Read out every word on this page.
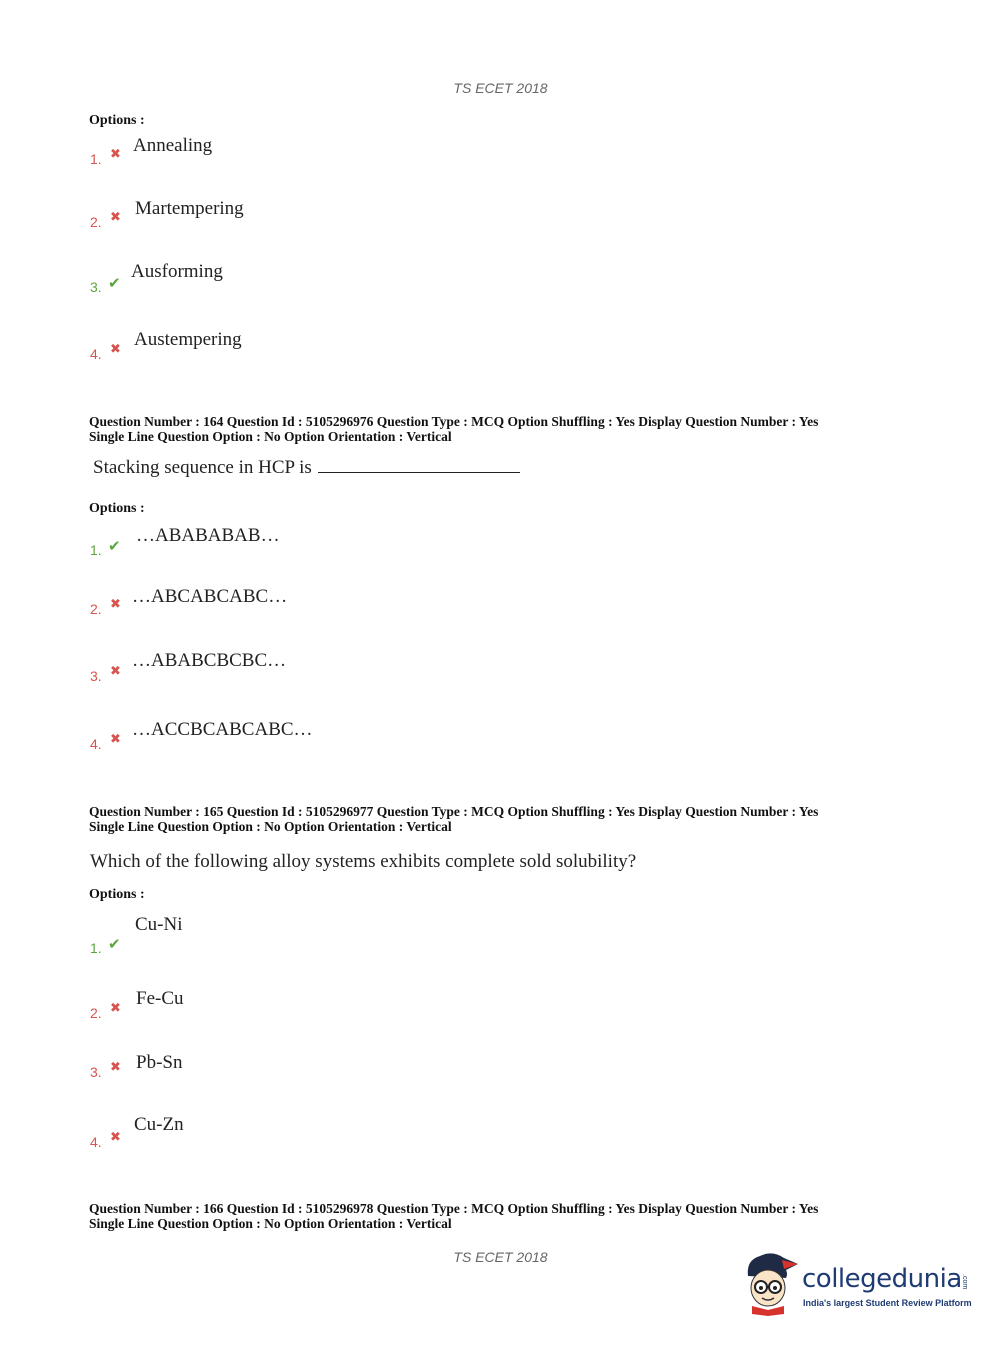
TS ECET 2018
Options :
1. ✖ Annealing
2. ✖ Martempering
3. ✔
Ausforming
4. ✖ Austempering
Question Number : 164 Question Id : 5105296976 Question Type : MCQ Option Shuffling : Yes Display Question Number : Yes
Single Line Question Option : No Option Orientation : Vertical
Stacking sequence in HCP is
Options :
1. ✔ …ABABABAB…
2. ✖ …ABCABCABC…
3. ✖
…ABABCBCBC…
4. ✖ …ACCBCABCABC…
Question Number : 165 Question Id : 5105296977 Question Type : MCQ Option Shuffling : Yes Display Question Number : Yes
Single Line Question Option : No Option Orientation : Vertical
Which of the following alloy systems exhibits complete sold solubility?
Options :
1. ✔
Cu-Ni
2. ✖ Fe-Cu
3. ✖ Pb-Sn
4. ✖
Cu-Zn
Question Number : 166 Question Id : 5105296978 Question Type : MCQ Option Shuffling : Yes Display Question Number : Yes
Single Line Question Option : No Option Orientation : Vertical
TS ECET 2018
collegedunia .com
India's largest Student Review Platform
